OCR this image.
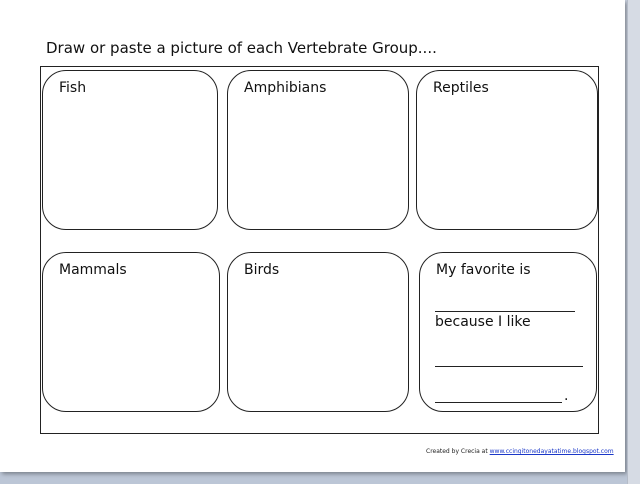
Draw or paste a picture of each Vertebrate Group....
Fish	Amphibians	Reptiles
Mammals	Birds	My favorite is
because I like
.
Created by Crecia at www.ccingitonedayatatime.blogspot.com
